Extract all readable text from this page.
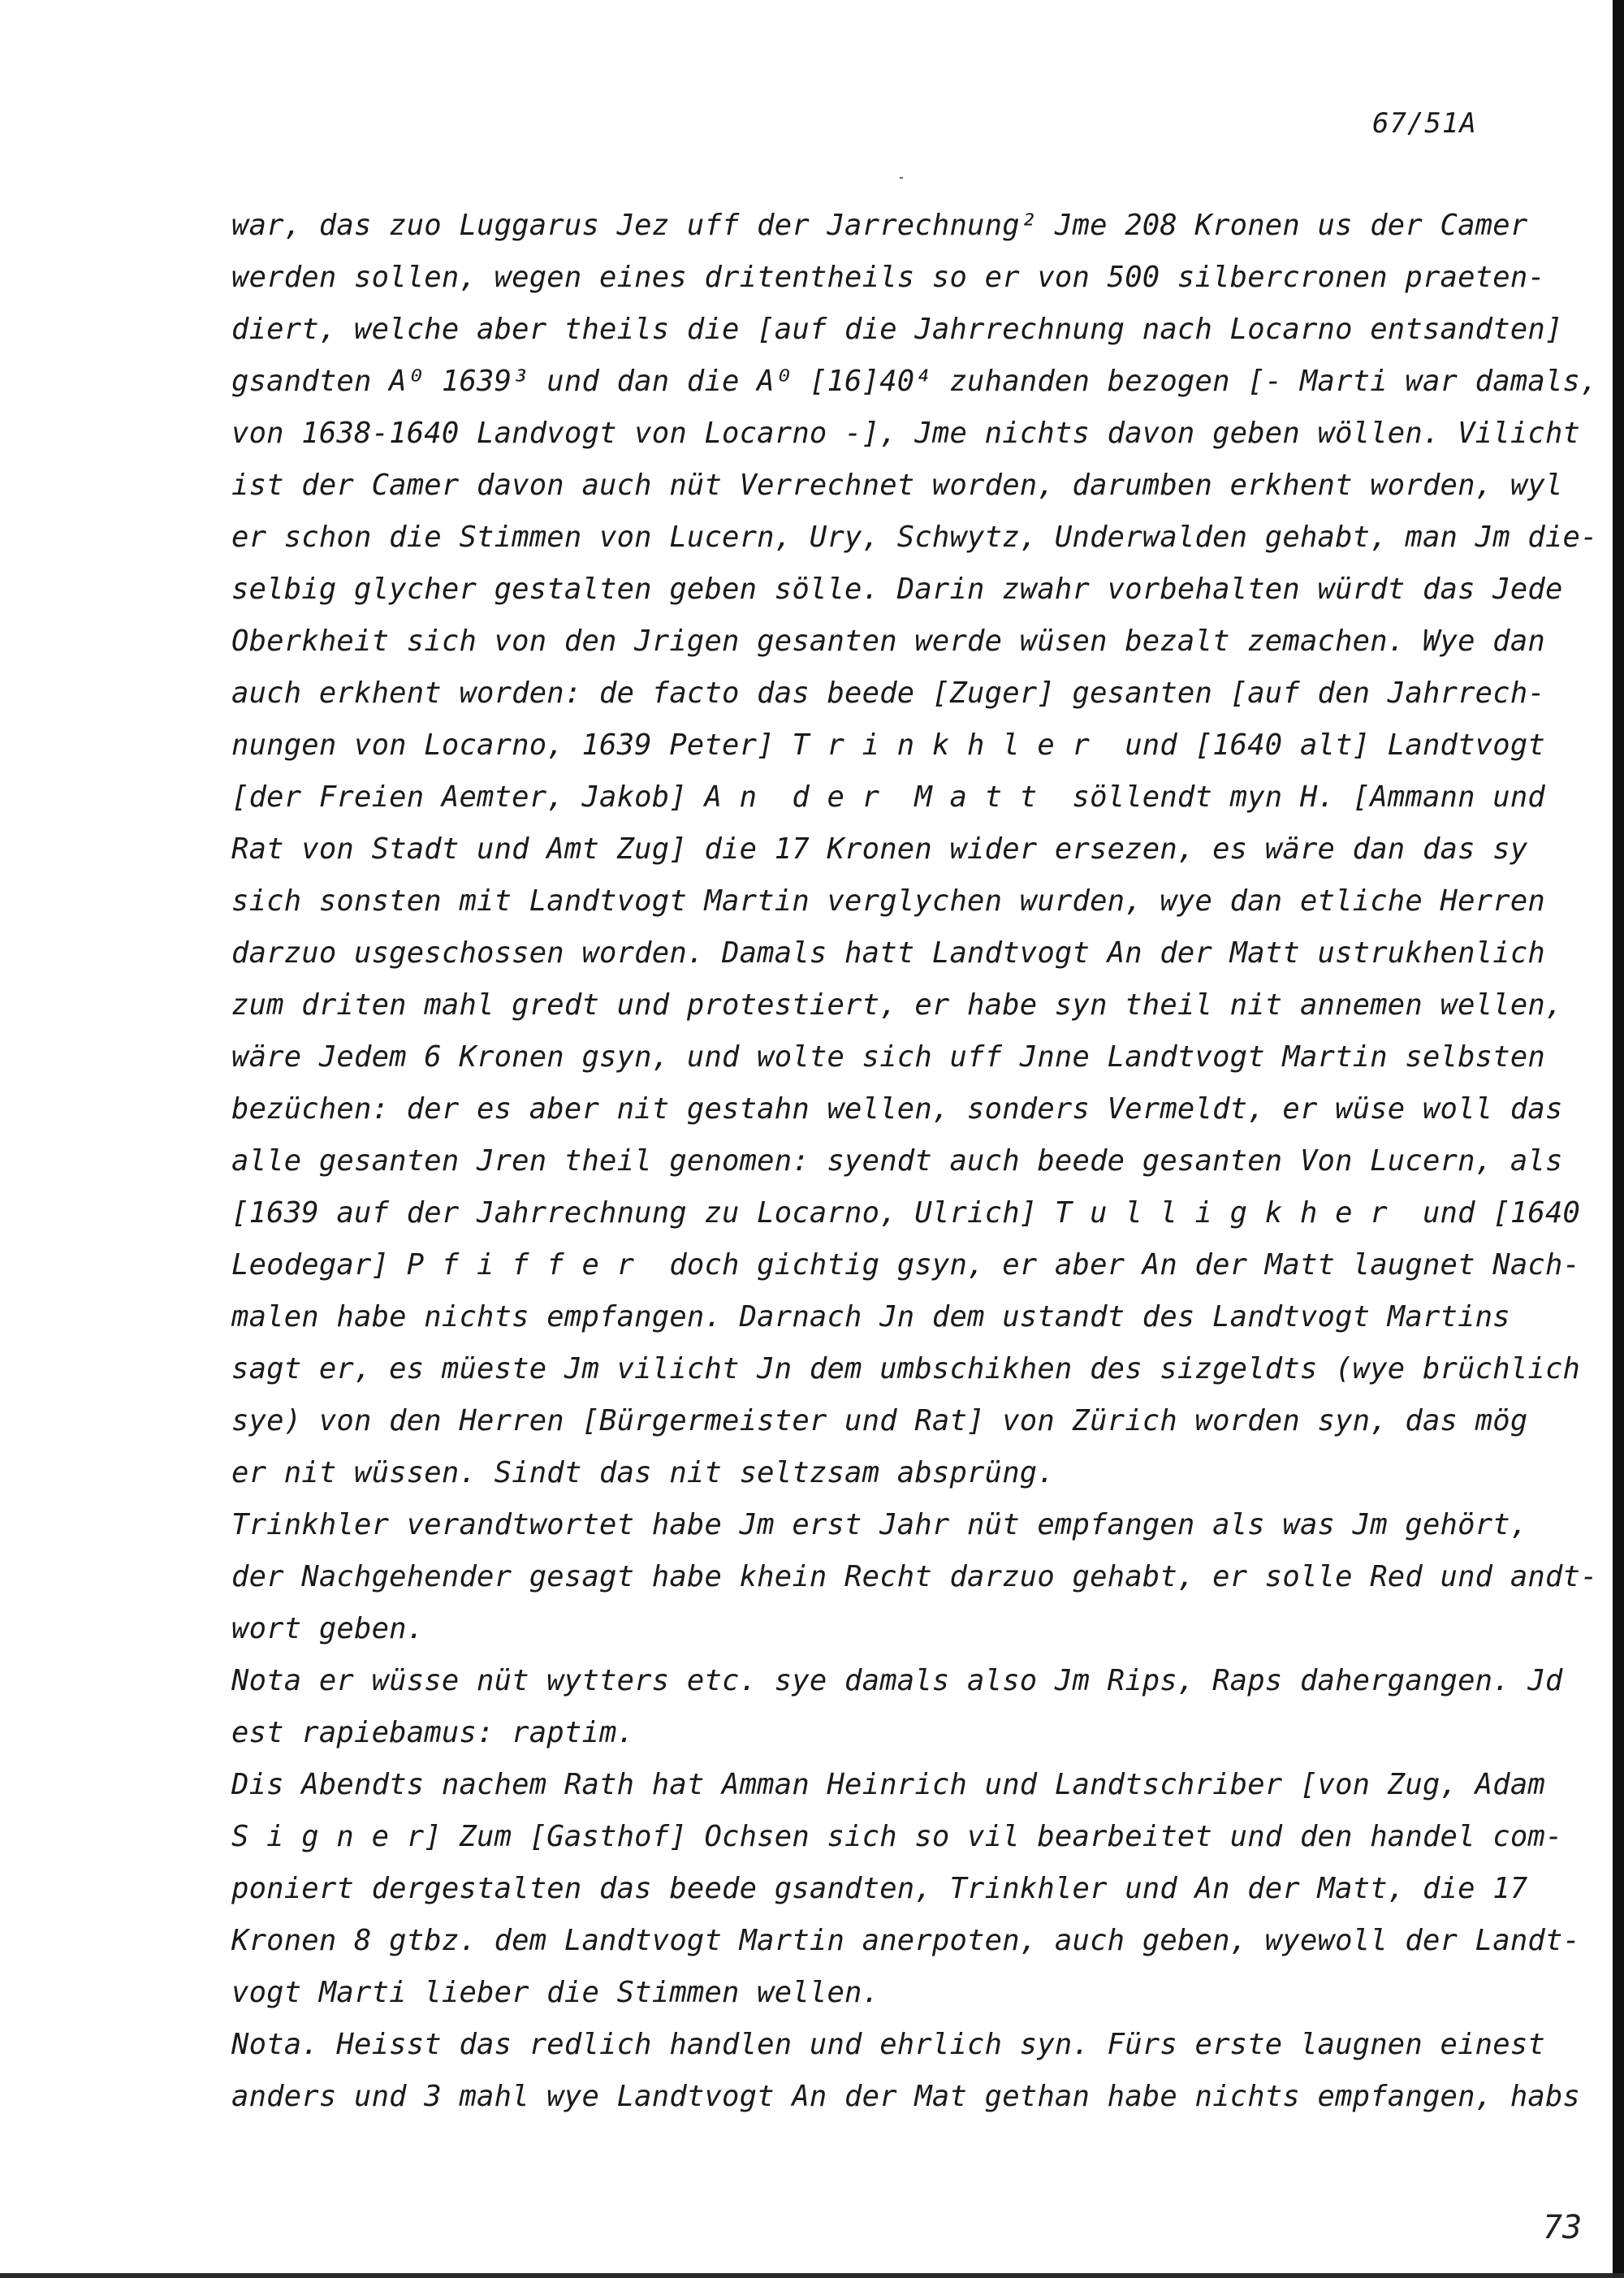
67/51A
war, das zuo Luggarus Jez uff der Jarrechnung² Jme 208 Kronen us der Camer
werden sollen, wegen eines dritentheils so er von 500 silbercronen praeten-
diert, welche aber theils die [auf die Jahrrechnung nach Locarno entsandten]
gsandten A⁰ 1639³ und dan die A⁰ [16]40⁴ zuhanden bezogen [- Marti war damals,
von 1638-1640 Landvogt von Locarno -], Jme nichts davon geben wöllen. Vilicht
ist der Camer davon auch nüt Verrechnet worden, darumben erkhent worden, wyl
er schon die Stimmen von Lucern, Ury, Schwytz, Underwalden gehabt, man Jm die-
selbig glycher gestalten geben sölle. Darin zwahr vorbehalten würdt das Jede
Oberkheit sich von den Jrigen gesanten werde wüsen bezalt zemachen. Wye dan
auch erkhent worden: de facto das beede [Zuger] gesanten [auf den Jahrrech-
nungen von Locarno, 1639 Peter] T r i n k h l e r  und [1640 alt] Landtvogt
[der Freien Aemter, Jakob] A n  d e r  M a t t  söllendt myn H. [Ammann und
Rat von Stadt und Amt Zug] die 17 Kronen wider ersezen, es wäre dan das sy
sich sonsten mit Landtvogt Martin verglychen wurden, wye dan etliche Herren
darzuo usgeschossen worden. Damals hatt Landtvogt An der Matt ustrukhenlich
zum driten mahl gredt und protestiert, er habe syn theil nit annemen wellen,
wäre Jedem 6 Kronen gsyn, und wolte sich uff Jnne Landtvogt Martin selbsten
bezüchen: der es aber nit gestahn wellen, sonders Vermeldt, er wüse woll das
alle gesanten Jren theil genomen: syendt auch beede gesanten Von Lucern, als
[1639 auf der Jahrrechnung zu Locarno, Ulrich] T u l l i g k h e r  und [1640
Leodegar] P f i f f e r  doch gichtig gsyn, er aber An der Matt laugnet Nach-
malen habe nichts empfangen. Darnach Jn dem ustandt des Landtvogt Martins
sagt er, es müeste Jm vilicht Jn dem umbschikhen des sizgeldts (wye brüchlich
sye) von den Herren [Bürgermeister und Rat] von Zürich worden syn, das mög
er nit wüssen. Sindt das nit seltzsam absprüng.
Trinkhler verandtwortet habe Jm erst Jahr nüt empfangen als was Jm gehört,
der Nachgehender gesagt habe khein Recht darzuo gehabt, er solle Red und andt-
wort geben.
Nota er wüsse nüt wytters etc. sye damals also Jm Rips, Raps dahergangen. Jd
est rapiebamus: raptim.
Dis Abendts nachem Rath hat Amman Heinrich und Landtschriber [von Zug, Adam
S i g n e r] Zum [Gasthof] Ochsen sich so vil bearbeitet und den handel com-
poniert dergestalten das beede gsandten, Trinkhler und An der Matt, die 17
Kronen 8 gtbz. dem Landtvogt Martin anerpoten, auch geben, wyewoll der Landt-
vogt Marti lieber die Stimmen wellen.
Nota. Heisst das redlich handlen und ehrlich syn. Fürs erste laugnen einest
anders und 3 mahl wye Landtvogt An der Mat gethan habe nichts empfangen, habs
73
